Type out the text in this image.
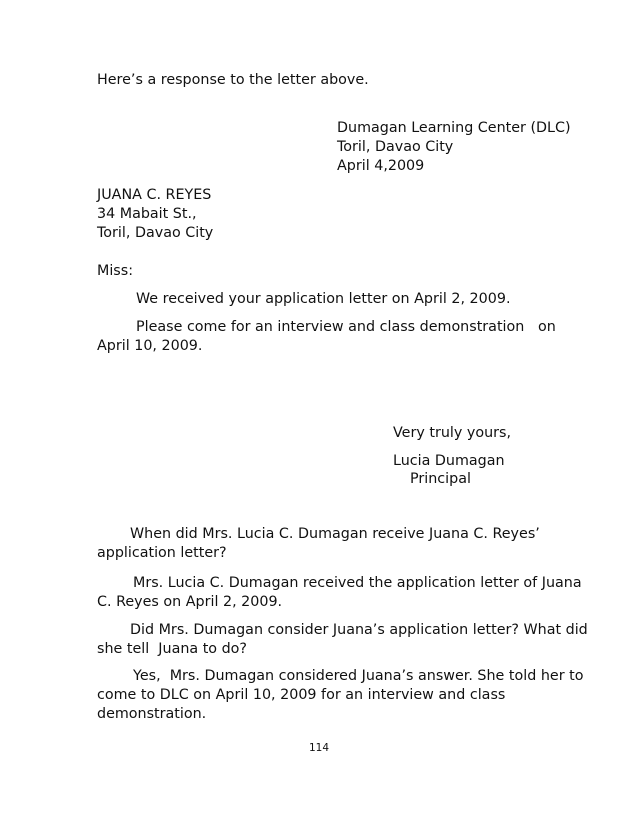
Here’s a response to the letter above.

Dumagan Learning Center (DLC)
Toril, Davao City
April 4,2009
JUANA C. REYES
34 Mabait St.,
Toril, Davao City

Miss:

We received your application letter on April 2, 2009.

Please come for an interview and class demonstration   on
April 10, 2009.

Very truly yours,

Lucia Dumagan

Principal

When did Mrs. Lucia C. Dumagan receive Juana C. Reyes’
application letter?
Mrs. Lucia C. Dumagan received the application letter of Juana
C. Reyes on April 2, 2009.
Did Mrs. Dumagan consider Juana’s application letter? What did
she tell  Juana to do?
Yes,  Mrs. Dumagan considered Juana’s answer. She told her to
come to DLC on April 10, 2009 for an interview and class
demonstration.
114
